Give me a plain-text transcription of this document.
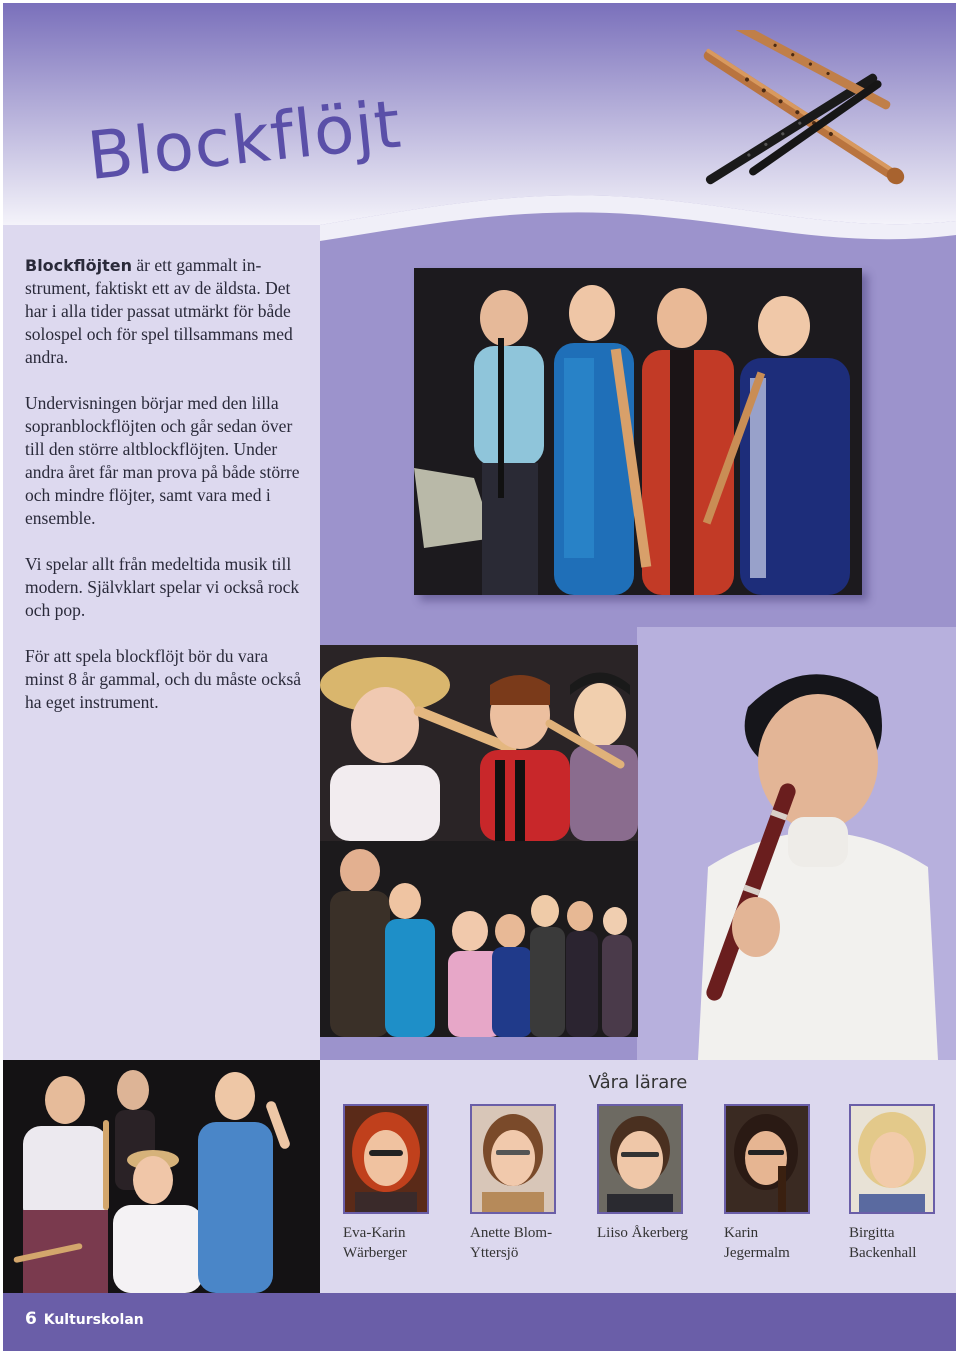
Blockflöjt

Blockflöjten är ett gammalt instrument, faktiskt ett av de äldsta. Det har i alla tider passat utmärkt för både solospel och för spel tillsammans med andra.

Undervisningen börjar med den lilla sopranblockflöjten och går sedan över till den större altblockflöjten. Under andra året får man prova på både större och mindre flöjter, samt vara med i ensemble.

Vi spelar allt från medeltida musik till modern. Självklart spelar vi också rock och pop.

För att spela blockflöjt bör du vara minst 8 år gammal, och du måste också ha eget instrument.

Våra lärare
Eva-Karin Wärberger
Anette Blom-Yttersjö
Liiso Åkerberg	Karin Jegermalm
Birgitta Backenhall
6 Kulturskolan
